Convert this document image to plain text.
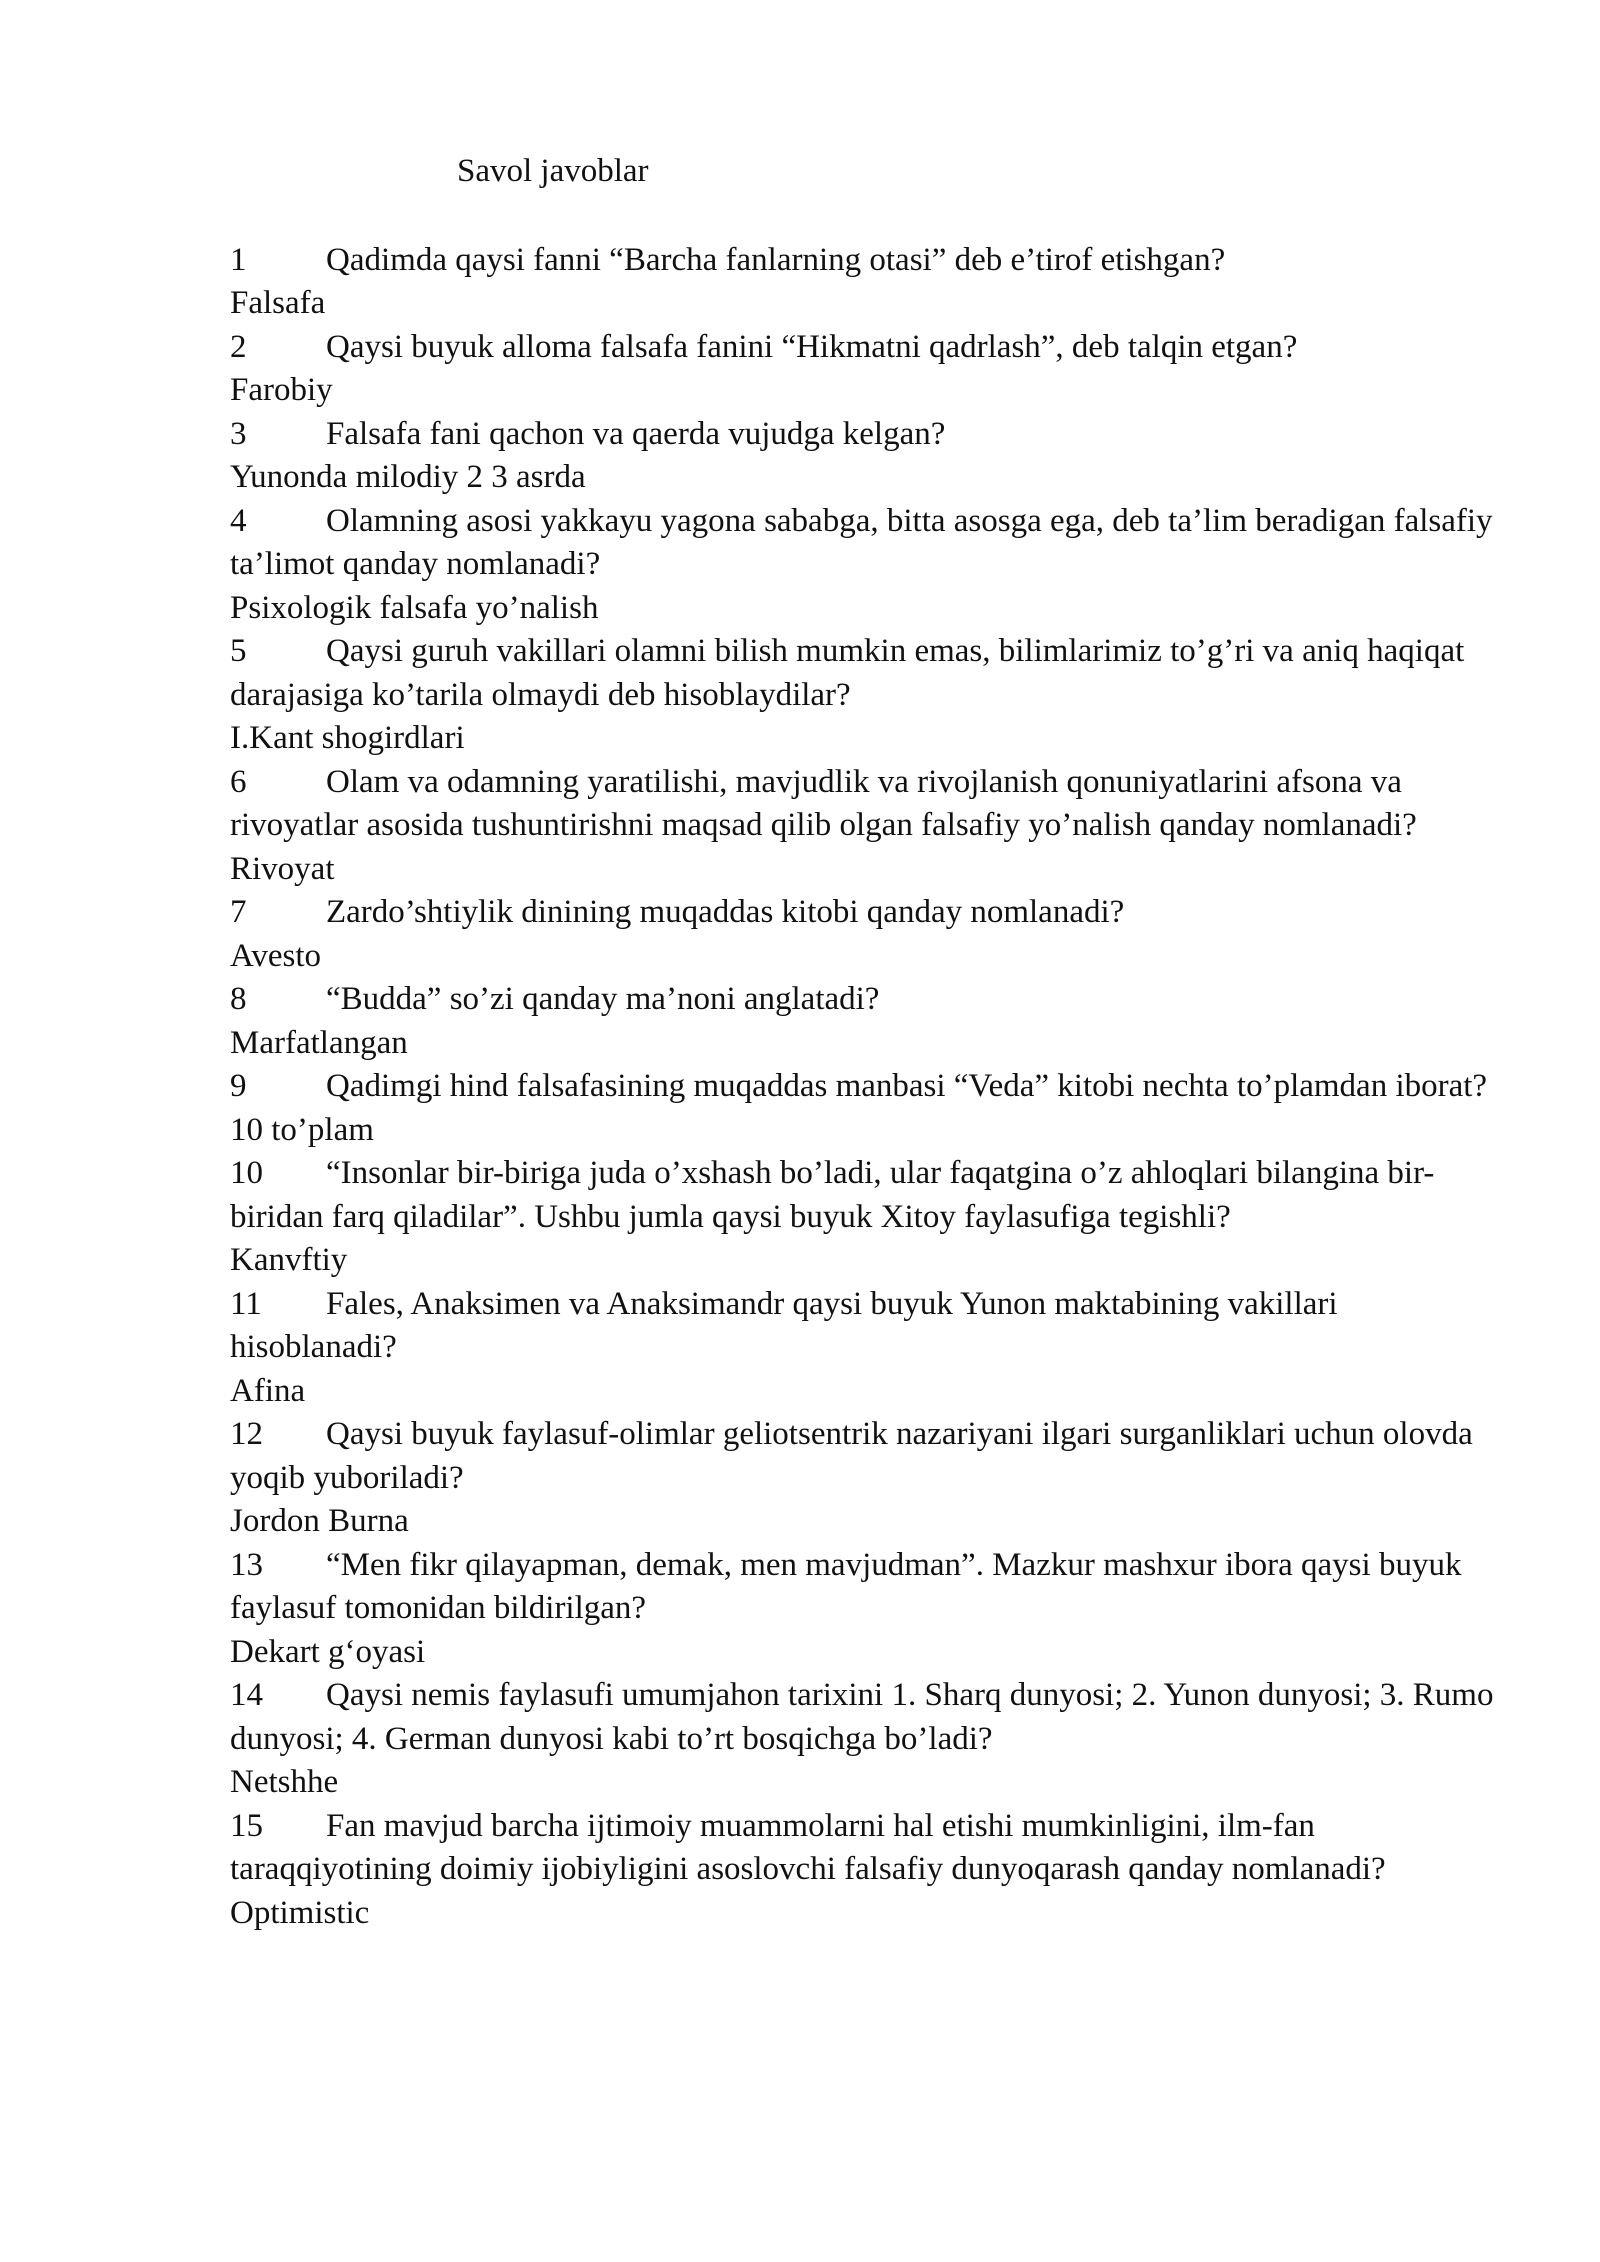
Savol javoblar
1 Qadimda qaysi fanni “Barcha fanlarning otasi” deb e’tirof etishgan?
Falsafa
2 Qaysi buyuk alloma falsafa fanini “Hikmatni qadrlash”, deb talqin etgan?
Farobiy
3 Falsafa fani qachon va qaerda vujudga kelgan?
Yunonda milodiy 2 3 asrda
4 Olamning asosi yakkayu yagona sababga, bitta asosga ega, deb ta’lim beradigan falsafiy ta’limot qanday nomlanadi?
Psixologik falsafa yo’nalish
5 Qaysi guruh vakillari olamni bilish mumkin emas, bilimlarimiz to’g’ri va aniq haqiqat darajasiga ko’tarila olmaydi deb hisoblaydilar?
I.Kant shogirdlari
6 Olam va odamning yaratilishi, mavjudlik va rivojlanish qonuniyatlarini afsona va rivoyatlar asosida tushuntirishni maqsad qilib olgan falsafiy yo’nalish qanday nomlanadi?
Rivoyat
7 Zardo’shtiylik dinining muqaddas kitobi qanday nomlanadi?
Avesto
8 “Budda” so’zi qanday ma’noni anglatadi?
Marfatlangan
9 Qadimgi hind falsafasining muqaddas manbasi “Veda” kitobi nechta to’plamdan iborat?
10 to’plam
10 “Insonlar bir-biriga juda o’xshash bo’ladi, ular faqatgina o’z ahloqlari bilangina bir-biridan farq qiladilar”. Ushbu jumla qaysi buyuk Xitoy faylasufiga tegishli?
Kanvftiy
11 Fales, Anaksimen va Anaksimandr qaysi buyuk Yunon maktabining vakillari hisoblanadi?
Afina
12 Qaysi buyuk faylasuf-olimlar geliotsentrik nazariyani ilgari surganliklari uchun olovda yoqib yuboriladi?
Jordon Burna
13 “Men fikr qilayapman, demak, men mavjudman”. Mazkur mashxur ibora qaysi buyuk faylasuf tomonidan bildirilgan?
Dekart g‘oyasi
14 Qaysi nemis faylasufi umumjahon tarixini 1. Sharq dunyosi; 2. Yunon dunyosi; 3. Rumo dunyosi; 4. German dunyosi kabi to’rt bosqichga bo’ladi?
Netshhe
15 Fan mavjud barcha ijtimoiy muammolarni hal etishi mumkinligini, ilm-fan taraqqiyotining doimiy ijobiyligini asoslovchi falsafiy dunyoqarash qanday nomlanadi?
Optimistic
